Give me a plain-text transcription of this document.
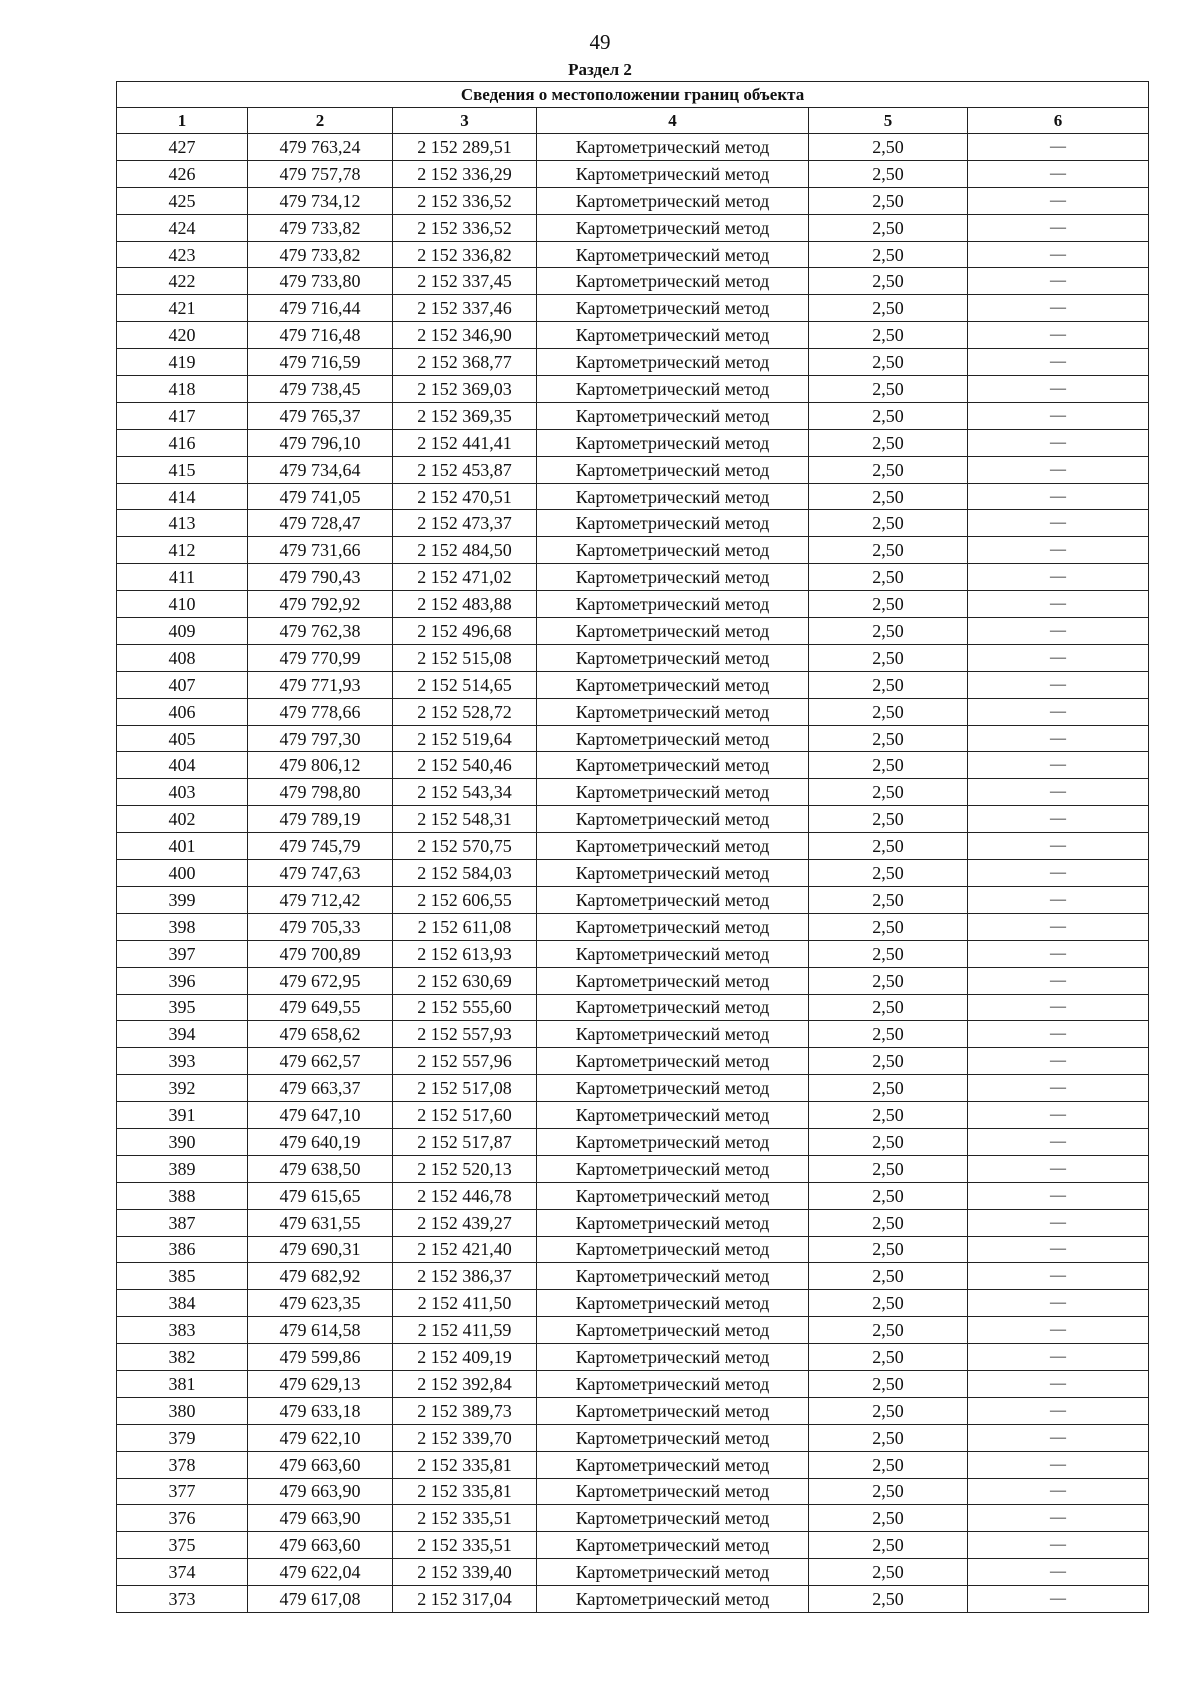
49
Раздел 2
Сведения о местоположении границ объекта					
1	2	3	4	5	6
427	479 763,24	2 152 289,51	Картометрический метод	2,50	—
426	479 757,78	2 152 336,29	Картометрический метод	2,50	—
425	479 734,12	2 152 336,52	Картометрический метод	2,50	—
424	479 733,82	2 152 336,52	Картометрический метод	2,50	—
423	479 733,82	2 152 336,82	Картометрический метод	2,50	—
422	479 733,80	2 152 337,45	Картометрический метод	2,50	—
421	479 716,44	2 152 337,46	Картометрический метод	2,50	—
420	479 716,48	2 152 346,90	Картометрический метод	2,50	—
419	479 716,59	2 152 368,77	Картометрический метод	2,50	—
418	479 738,45	2 152 369,03	Картометрический метод	2,50	—
417	479 765,37	2 152 369,35	Картометрический метод	2,50	—
416	479 796,10	2 152 441,41	Картометрический метод	2,50	—
415	479 734,64	2 152 453,87	Картометрический метод	2,50	—
414	479 741,05	2 152 470,51	Картометрический метод	2,50	—
413	479 728,47	2 152 473,37	Картометрический метод	2,50	—
412	479 731,66	2 152 484,50	Картометрический метод	2,50	—
411	479 790,43	2 152 471,02	Картометрический метод	2,50	—
410	479 792,92	2 152 483,88	Картометрический метод	2,50	—
409	479 762,38	2 152 496,68	Картометрический метод	2,50	—
408	479 770,99	2 152 515,08	Картометрический метод	2,50	—
407	479 771,93	2 152 514,65	Картометрический метод	2,50	—
406	479 778,66	2 152 528,72	Картометрический метод	2,50	—
405	479 797,30	2 152 519,64	Картометрический метод	2,50	—
404	479 806,12	2 152 540,46	Картометрический метод	2,50	—
403	479 798,80	2 152 543,34	Картометрический метод	2,50	—
402	479 789,19	2 152 548,31	Картометрический метод	2,50	—
401	479 745,79	2 152 570,75	Картометрический метод	2,50	—
400	479 747,63	2 152 584,03	Картометрический метод	2,50	—
399	479 712,42	2 152 606,55	Картометрический метод	2,50	—
398	479 705,33	2 152 611,08	Картометрический метод	2,50	—
397	479 700,89	2 152 613,93	Картометрический метод	2,50	—
396	479 672,95	2 152 630,69	Картометрический метод	2,50	—
395	479 649,55	2 152 555,60	Картометрический метод	2,50	—
394	479 658,62	2 152 557,93	Картометрический метод	2,50	—
393	479 662,57	2 152 557,96	Картометрический метод	2,50	—
392	479 663,37	2 152 517,08	Картометрический метод	2,50	—
391	479 647,10	2 152 517,60	Картометрический метод	2,50	—
390	479 640,19	2 152 517,87	Картометрический метод	2,50	—
389	479 638,50	2 152 520,13	Картометрический метод	2,50	—
388	479 615,65	2 152 446,78	Картометрический метод	2,50	—
387	479 631,55	2 152 439,27	Картометрический метод	2,50	—
386	479 690,31	2 152 421,40	Картометрический метод	2,50	—
385	479 682,92	2 152 386,37	Картометрический метод	2,50	—
384	479 623,35	2 152 411,50	Картометрический метод	2,50	—
383	479 614,58	2 152 411,59	Картометрический метод	2,50	—
382	479 599,86	2 152 409,19	Картометрический метод	2,50	—
381	479 629,13	2 152 392,84	Картометрический метод	2,50	—
380	479 633,18	2 152 389,73	Картометрический метод	2,50	—
379	479 622,10	2 152 339,70	Картометрический метод	2,50	—
378	479 663,60	2 152 335,81	Картометрический метод	2,50	—
377	479 663,90	2 152 335,81	Картометрический метод	2,50	—
376	479 663,90	2 152 335,51	Картометрический метод	2,50	—
375	479 663,60	2 152 335,51	Картометрический метод	2,50	—
374	479 622,04	2 152 339,40	Картометрический метод	2,50	—
373	479 617,08	2 152 317,04	Картометрический метод	2,50	—
